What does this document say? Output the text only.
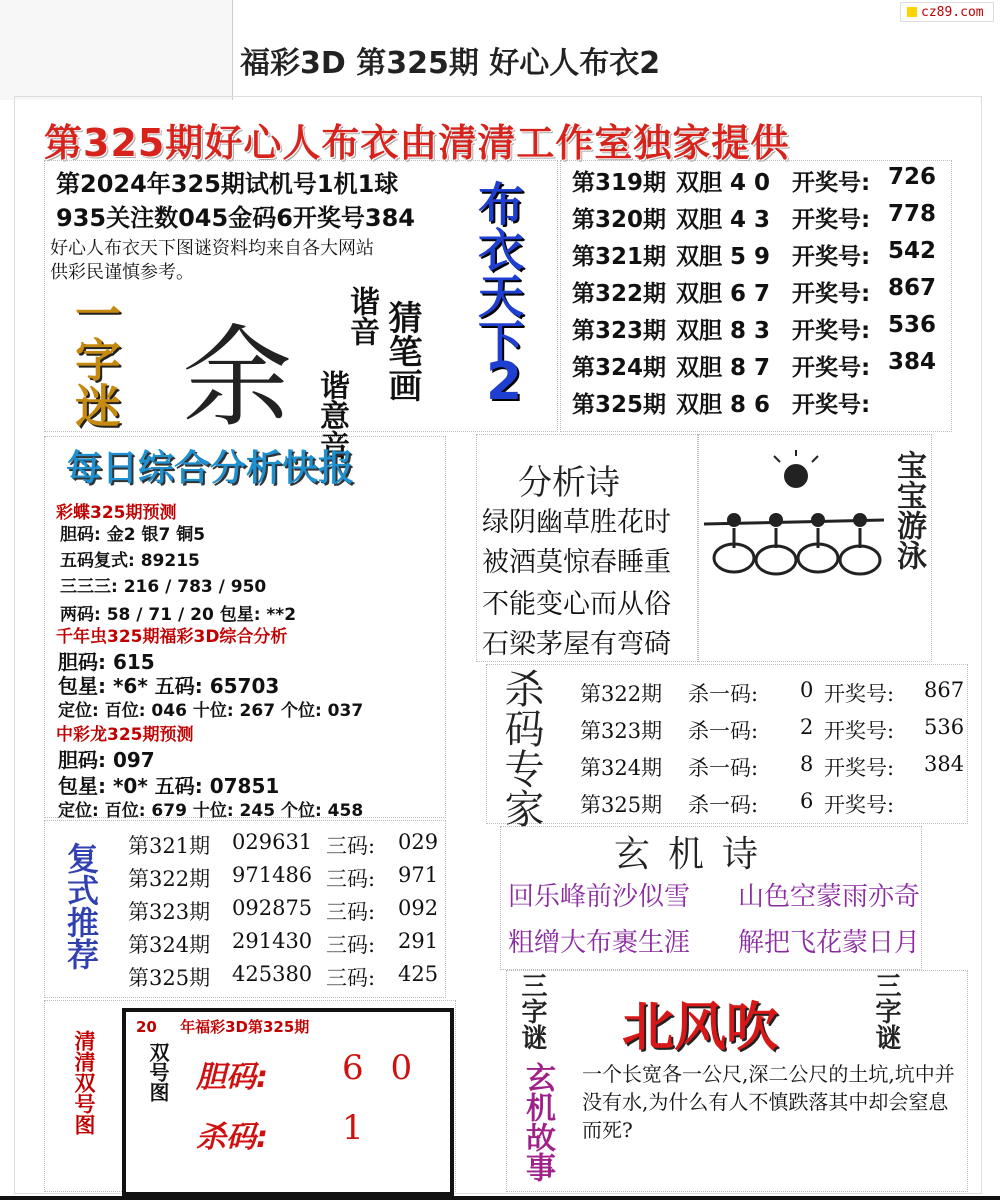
cz89.com
福彩3D 第325期 好心人布衣2
第325期好心人布衣由清清工作室独家提供
第2024年325期试机号1机1球
935关注数045金码6开奖号384
好心人布衣天下图谜资料均来自各大网站
供彩民谨慎参考。
一字迷 余	猜笔画
谐音
谐意音
布衣天下
2
第319期 双胆 4 0 开奖号: 726
第320期 双胆 4 3 开奖号: 778
第321期 双胆 5 9 开奖号: 542
第322期 双胆 6 7 开奖号: 867
第323期 双胆 8 3 开奖号: 536
第324期 双胆 8 7 开奖号: 384
第325期 双胆 8 6 开奖号:
每日综合分析快报
彩蝶325期预测
胆码: 金2 银7 铜5
五码复式: 89215
三三三: 216 / 783 / 950
两码: 58 / 71 / 20 包星: **2
千年虫325期福彩3D综合分析
胆码: 615
包星: *6* 五码: 65703
定位: 百位: 046 十位: 267 个位: 037
中彩龙325期预测
胆码: 097
包星: *0* 五码: 07851
定位: 百位: 679 十位: 245 个位: 458
分析诗
绿阴幽草胜花时
被酒莫惊春睡重
不能变心而从俗
石梁茅屋有弯碕
宝宝游泳
杀码专家 第322期 杀一码: 0 开奖号: 867
第323期 杀一码: 2 开奖号: 536
第324期 杀一码: 8 开奖号: 384
第325期 杀一码: 6 开奖号:
玄机诗
回乐峰前沙似雪 山色空蒙雨亦奇
粗缯大布裹生涯 解把飞花蒙日月
复式推荐 第321期 029631 三码: 029
第322期 971486 三码: 971
第323期 092875 三码: 092
第324期 291430 三码: 291
第325期 425380 三码: 425
清清双号图
20 年福彩3D第325期
双号图 胆码: 6 0
杀码: 1
三字谜 北风吹	三字谜
玄机故事 一个长宽各一公尺,深二公尺的土坑,坑中并没有水,为什么有人不慎跌落其中却会窒息而死?
